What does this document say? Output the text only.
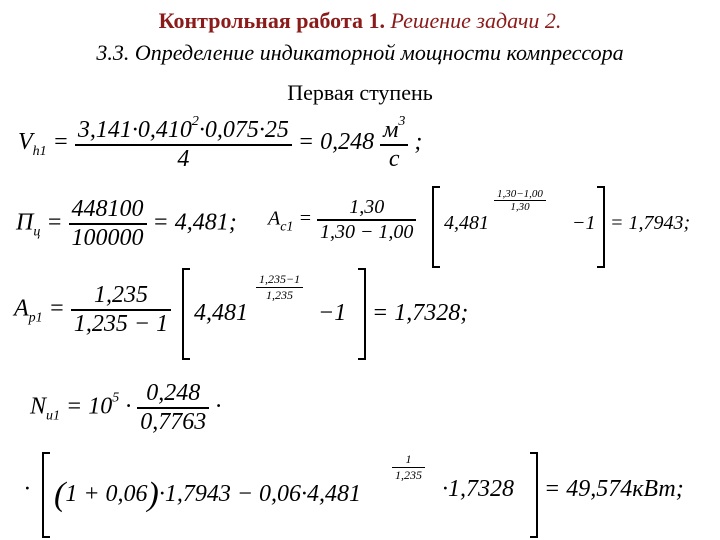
Контрольная работа 1. Решение задачи 2.
3.3. Определение индикаторной мощности компрессора
Первая ступень
$V_{h1} = \frac{3,141\cdot 0,410^2\cdot 0,075\cdot 25}{4} = 0,248 \frac{м^3}{с}$ ;
$П_ц = \frac{448100}{100000} = 4,481$; $A_{c1} = \frac{1,30}{1,30 - 1,00} 4,481$
$\frac{1,30-1,00}{1,30}$
−1 = 1,7943;
$A_{p1} = \frac{1,235}{1,235 - 1} 4,481$
$\frac{1,235-1}{1,235}$
−1 = 1,7328;
$N_{u1} = 10^5 \cdot \frac{0,248}{0,7763}$ ·
· (1 + 0,06)·1,7943 − 0,06·4,481
$\frac{1}{1,235}$
·1,7328 = 49,574кВт;
